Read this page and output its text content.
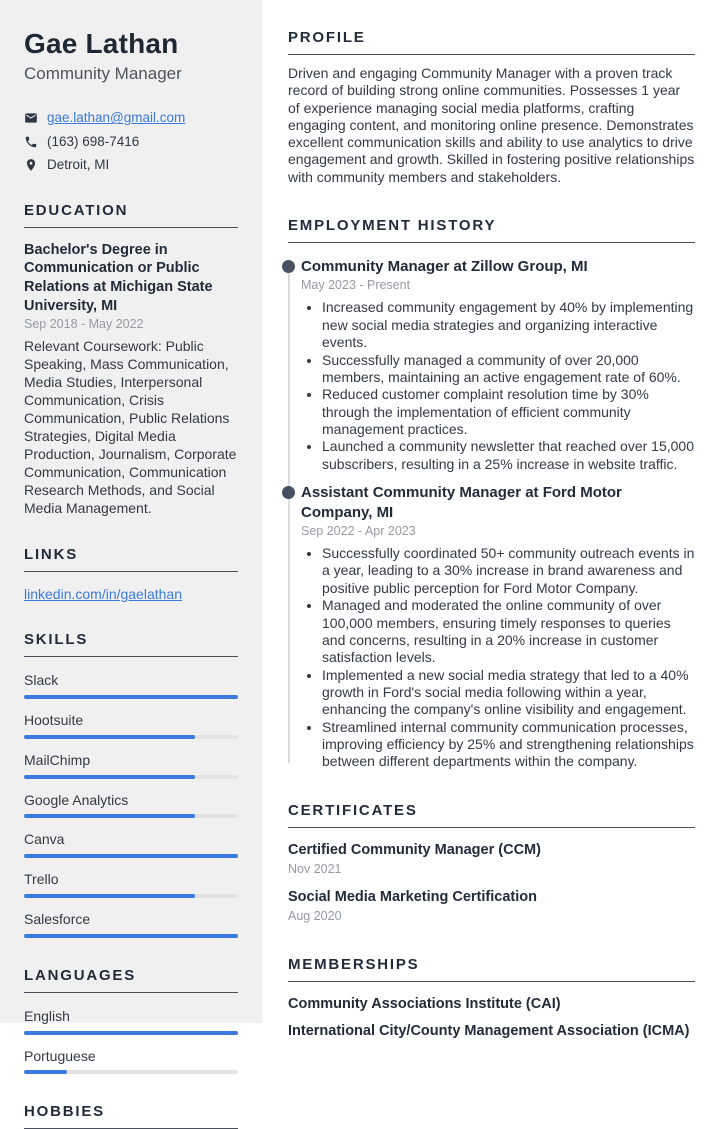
Gae Lathan
Community Manager
gae.lathan@gmail.com
(163) 698-7416
Detroit, MI
EDUCATION
Bachelor's Degree in Communication or Public Relations at Michigan State University, MI
Sep 2018 - May 2022
Relevant Coursework: Public Speaking, Mass Communication, Media Studies, Interpersonal Communication, Crisis Communication, Public Relations Strategies, Digital Media Production, Journalism, Corporate Communication, Communication Research Methods, and Social Media Management.
LINKS
linkedin.com/in/gaelathan
SKILLS
Slack
Hootsuite
MailChimp
Google Analytics
Canva
Trello
Salesforce
LANGUAGES
English
Portuguese
HOBBIES
PROFILE
Driven and engaging Community Manager with a proven track record of building strong online communities. Possesses 1 year of experience managing social media platforms, crafting engaging content, and monitoring online presence. Demonstrates excellent communication skills and ability to use analytics to drive engagement and growth. Skilled in fostering positive relationships with community members and stakeholders.
EMPLOYMENT HISTORY
Community Manager at Zillow Group, MI
May 2023 - Present
• Increased community engagement by 40% by implementing new social media strategies and organizing interactive events.
• Successfully managed a community of over 20,000 members, maintaining an active engagement rate of 60%.
• Reduced customer complaint resolution time by 30% through the implementation of efficient community management practices.
• Launched a community newsletter that reached over 15,000 subscribers, resulting in a 25% increase in website traffic.
Assistant Community Manager at Ford Motor Company, MI
Sep 2022 - Apr 2023
• Successfully coordinated 50+ community outreach events in a year, leading to a 30% increase in brand awareness and positive public perception for Ford Motor Company.
• Managed and moderated the online community of over 100,000 members, ensuring timely responses to queries and concerns, resulting in a 20% increase in customer satisfaction levels.
• Implemented a new social media strategy that led to a 40% growth in Ford's social media following within a year, enhancing the company's online visibility and engagement.
• Streamlined internal community communication processes, improving efficiency by 25% and strengthening relationships between different departments within the company.
CERTIFICATES
Certified Community Manager (CCM)
Nov 2021
Social Media Marketing Certification
Aug 2020
MEMBERSHIPS
Community Associations Institute (CAI)
International City/County Management Association (ICMA)
